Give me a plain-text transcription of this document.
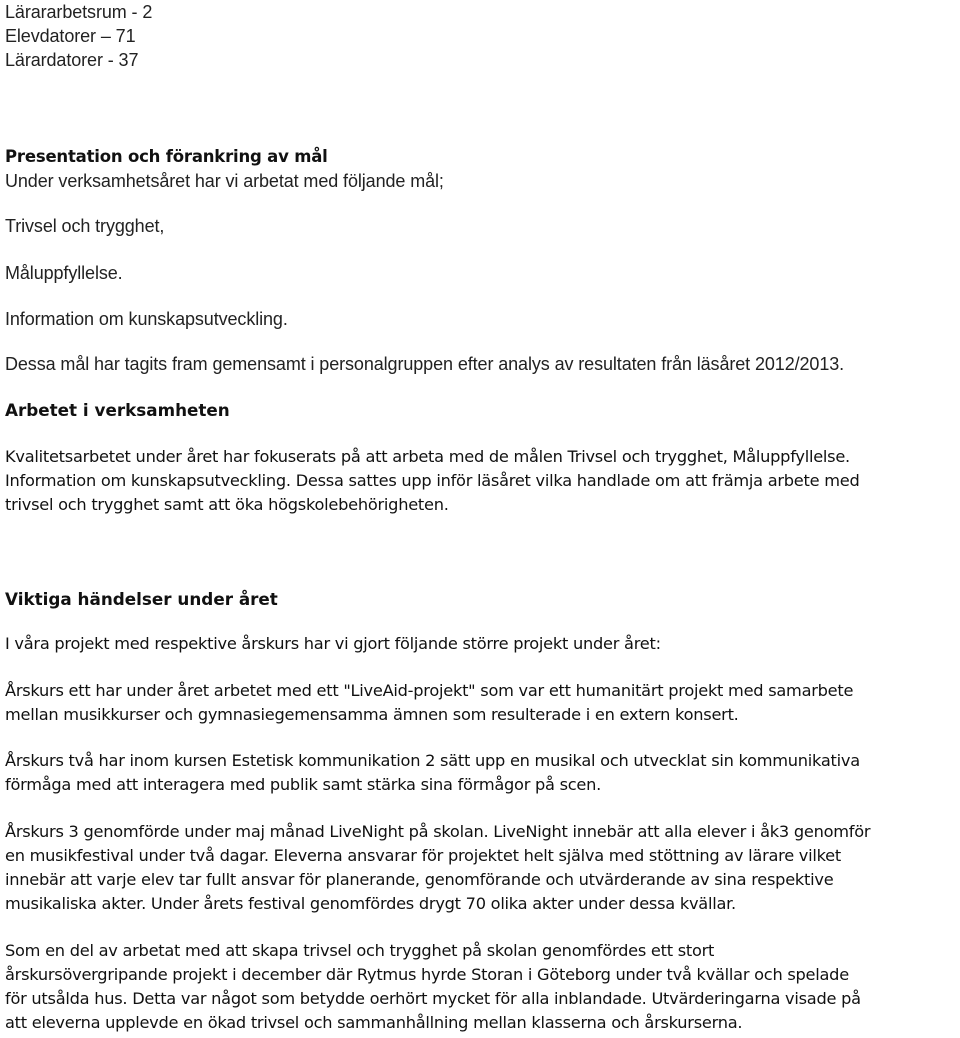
Lärararbetsrum - 2
Elevdatorer – 71
Lärardatorer - 37
Presentation och förankring av mål
Under verksamhetsåret har vi arbetat med följande mål;
Trivsel och trygghet,
Måluppfyllelse.
Information om kunskapsutveckling.
Dessa mål har tagits fram gemensamt i personalgruppen efter analys av resultaten från läsåret 2012/2013.
Arbetet i verksamheten
Kvalitetsarbetet under året har fokuserats på att arbeta med de målen Trivsel och trygghet, Måluppfyllelse.
Information om kunskapsutveckling. Dessa sattes upp inför läsåret vilka handlade om att främja arbete med
trivsel och trygghet samt att öka högskolebehörigheten.
Viktiga händelser under året
I våra projekt med respektive årskurs har vi gjort följande större projekt under året:
Årskurs ett har under året arbetet med ett "LiveAid-projekt" som var ett humanitärt projekt med samarbete
mellan musikkurser och gymnasiegemensamma ämnen som resulterade i en extern konsert.
Årskurs två har inom kursen Estetisk kommunikation 2 sätt upp en musikal och utvecklat sin kommunikativa
förmåga med att interagera med publik samt stärka sina förmågor på scen.
Årskurs 3 genomförde under maj månad LiveNight på skolan. LiveNight innebär att alla elever i åk3 genomför
en musikfestival under två dagar. Eleverna ansvarar för projektet helt själva med stöttning av lärare vilket
innebär att varje elev tar fullt ansvar för planerande, genomförande och utvärderande av sina respektive
musikaliska akter. Under årets festival genomfördes drygt 70 olika akter under dessa kvällar.
Som en del av arbetat med att skapa trivsel och trygghet på skolan genomfördes ett stort
årskursövergripande projekt i december där Rytmus hyrde Storan i Göteborg under två kvällar och spelade
för utsålda hus. Detta var något som betydde oerhört mycket för alla inblandade. Utvärderingarna visade på
att eleverna upplevde en ökad trivsel och sammanhållning mellan klasserna och årskurserna.
